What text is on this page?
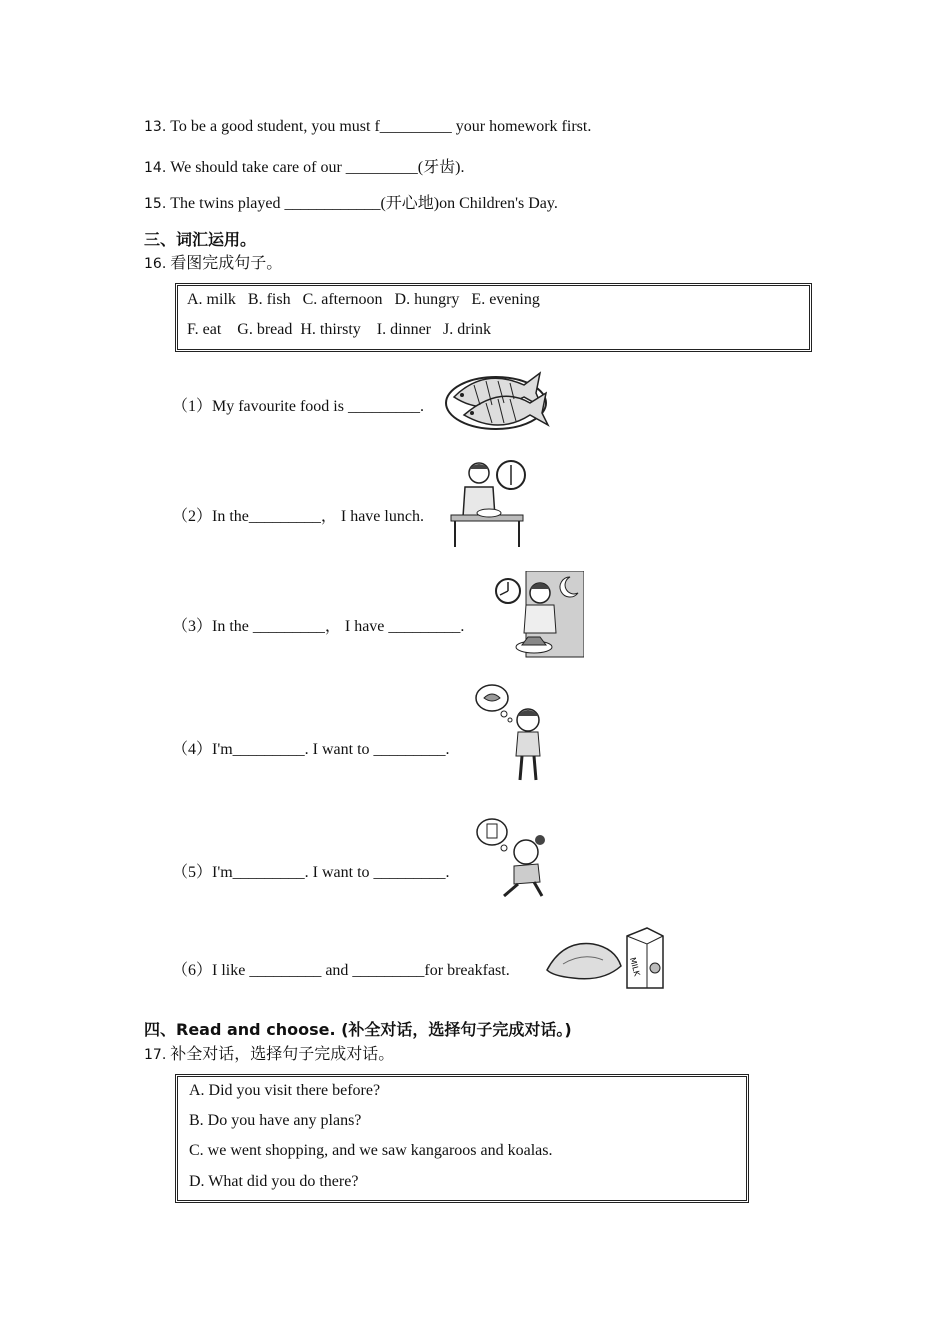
13. To be a good student, you must f_________ your homework first.
14. We should take care of our _________(牙齿).
15. The twins played ____________(开心地)on Children's Day.
三、词汇运用。
16. 看图完成句子。
A. milk   B. fish   C. afternoon   D. hungry   E. evening
F. eat    G. bread  H. thirsty    I. dinner   J. drink
（1）My favourite food is _________.
（2）In the_________， I have lunch.
（3）In the _________， I have _________.
（4）I'm_________. I want to _________.
（5）I'm_________. I want to _________.
（6）I like _________ and _________for breakfast.	MILK
四、Read and choose. (补全对话，选择句子完成对话。)
17. 补全对话，选择句子完成对话。
A. Did you visit there before?
B. Do you have any plans?
C. we went shopping, and we saw kangaroos and koalas.
D. What did you do there?
